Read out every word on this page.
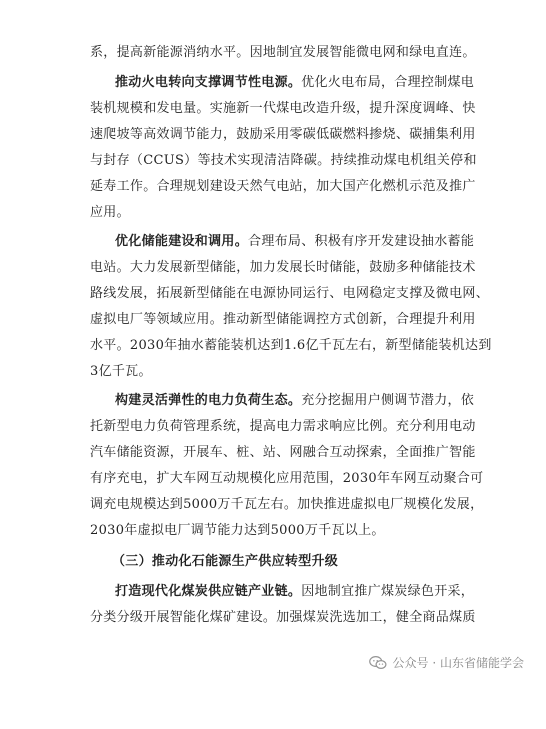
系，提高新能源消纳水平。因地制宜发展智能微电网和绿电直连。
推动火电转向支撑调节性电源。优化火电布局，合理控制煤电
装机规模和发电量。实施新一代煤电改造升级，提升深度调峰、快
速爬坡等高效调节能力，鼓励采用零碳低碳燃料掺烧、碳捕集利用
与封存（CCUS）等技术实现清洁降碳。持续推动煤电机组关停和
延寿工作。合理规划建设天然气电站，加大国产化燃机示范及推广
应用。
优化储能建设和调用。合理布局、积极有序开发建设抽水蓄能
电站。大力发展新型储能，加力发展长时储能，鼓励多种储能技术
路线发展，拓展新型储能在电源协同运行、电网稳定支撑及微电网、
虚拟电厂等领域应用。推动新型储能调控方式创新，合理提升利用
水平。2030年抽水蓄能装机达到1.6亿千瓦左右，新型储能装机达到
3亿千瓦。
构建灵活弹性的电力负荷生态。充分挖掘用户侧调节潜力，依
托新型电力负荷管理系统，提高电力需求响应比例。充分利用电动
汽车储能资源，开展车、桩、站、网融合互动探索，全面推广智能
有序充电，扩大车网互动规模化应用范围，2030年车网互动聚合可
调充电规模达到5000万千瓦左右。加快推进虚拟电厂规模化发展，
2030年虚拟电厂调节能力达到5000万千瓦以上。
（三）推动化石能源生产供应转型升级
打造现代化煤炭供应链产业链。因地制宜推广煤炭绿色开采，
分类分级开展智能化煤矿建设。加强煤炭洗选加工，健全商品煤质
公众号 · 山东省储能学会
